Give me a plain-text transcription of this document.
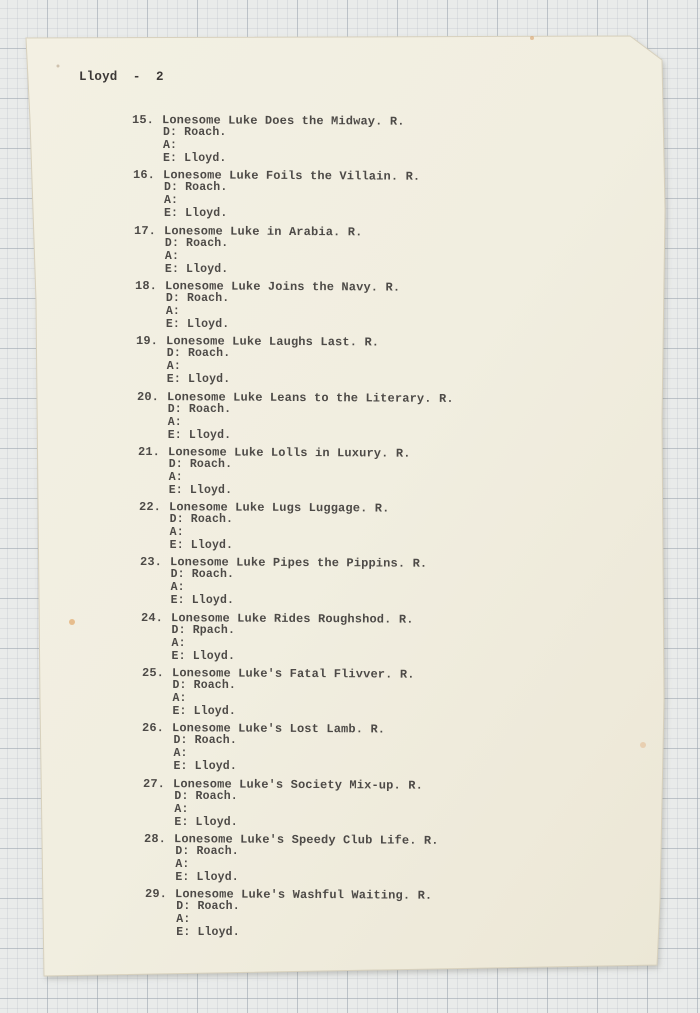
Lloyd  -  2
15. Lonesome Luke Does the Midway. R.
D: Roach.
A:
E: Lloyd.
16. Lonesome Luke Foils the Villain. R.
D: Roach.
A:
E: Lloyd.
17. Lonesome Luke in Arabia. R.
D: Roach.
A:
E: Lloyd.
18. Lonesome Luke Joins the Navy. R.
D: Roach.
A:
E: Lloyd.
19. Lonesome Luke Laughs Last. R.
D: Roach.
A:
E: Lloyd.
20. Lonesome Luke Leans to the Literary. R.
D: Roach.
A:
E: Lloyd.
21. Lonesome Luke Lolls in Luxury. R.
D: Roach.
A:
E: Lloyd.
22. Lonesome Luke Lugs Luggage. R.
D: Roach.
A:
E: Lloyd.
23. Lonesome Luke Pipes the Pippins. R.
D: Roach.
A:
E: Lloyd.
24. Lonesome Luke Rides Roughshod. R.
D: Rpach.
A:
E: Lloyd.
25. Lonesome Luke's Fatal Flivver. R.
D: Roach.
A:
E: Lloyd.
26. Lonesome Luke's Lost Lamb. R.
D: Roach.
A:
E: Lloyd.
27. Lonesome Luke's Society Mix-up. R.
D: Roach.
A:
E: Lloyd.
28. Lonesome Luke's Speedy Club Life. R.
D: Roach.
A:
E: Lloyd.
29. Lonesome Luke's Washful Waiting. R.
D: Roach.
A:
E: Lloyd.
